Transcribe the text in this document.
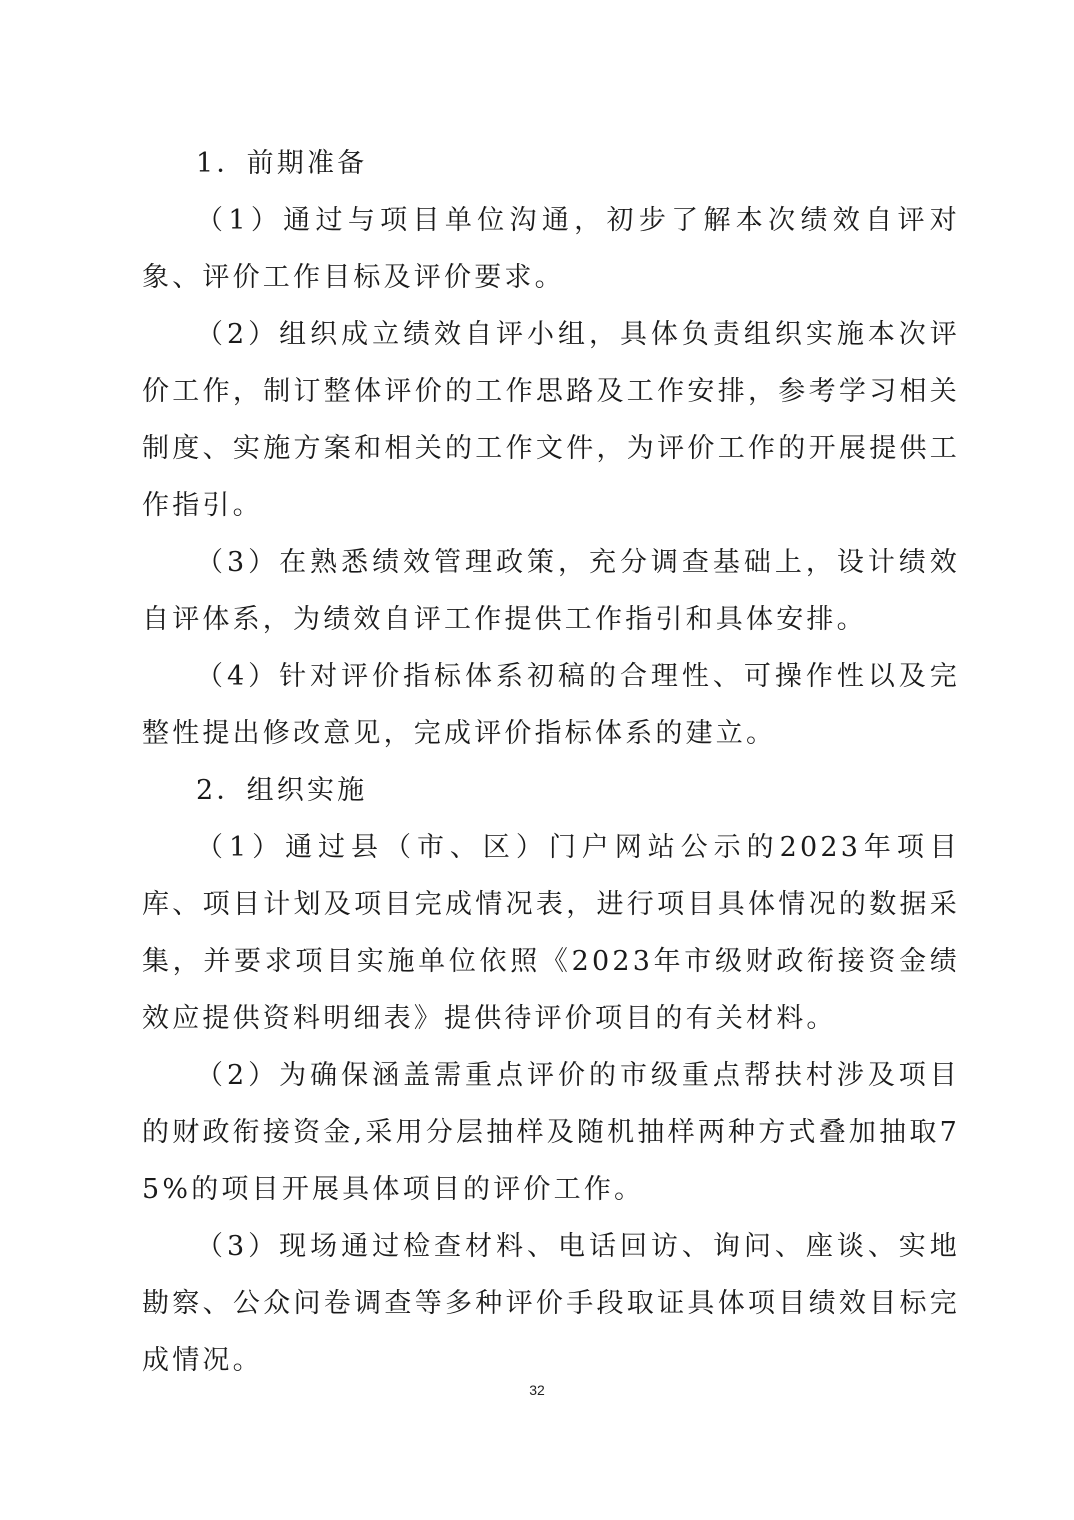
1．前期准备

（1）通过与项目单位沟通，初步了解本次绩效自评对象、评价工作目标及评价要求。

（2）组织成立绩效自评小组，具体负责组织实施本次评价工作，制订整体评价的工作思路及工作安排，参考学习相关制度、实施方案和相关的工作文件，为评价工作的开展提供工作指引。

（3）在熟悉绩效管理政策，充分调查基础上，设计绩效自评体系，为绩效自评工作提供工作指引和具体安排。

（4）针对评价指标体系初稿的合理性、可操作性以及完整性提出修改意见，完成评价指标体系的建立。

2．组织实施

（1）通过县（市、区）门户网站公示的2023年项目库、项目计划及项目完成情况表，进行项目具体情况的数据采集，并要求项目实施单位依照《2023年市级财政衔接资金绩效应提供资料明细表》提供待评价项目的有关材料。

（2）为确保涵盖需重点评价的市级重点帮扶村涉及项目的财政衔接资金,采用分层抽样及随机抽样两种方式叠加抽取75%的项目开展具体项目的评价工作。

（3）现场通过检查材料、电话回访、询问、座谈、实地勘察、公众问卷调查等多种评价手段取证具体项目绩效目标完成情况。

32
